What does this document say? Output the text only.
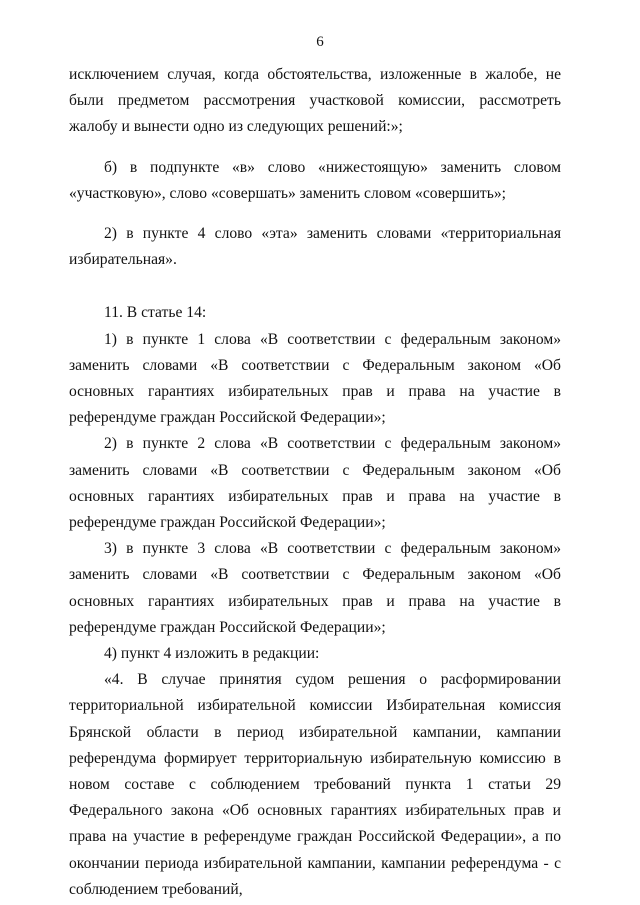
6

исключением случая, когда обстоятельства, изложенные в жалобе, не были предметом рассмотрения участковой комиссии, рассмотреть жалобу и вынести одно из следующих решений:»;

б) в подпункте «в» слово «нижестоящую» заменить словом «участковую», слово «совершать» заменить словом «совершить»;

2) в пункте 4 слово «эта» заменить словами «территориальная избирательная».

11. В статье 14:

1) в пункте 1 слова «В соответствии с федеральным законом» заменить словами «В соответствии с Федеральным законом «Об основных гарантиях избирательных прав и права на участие в референдуме граждан Российской Федерации»;

2) в пункте 2 слова «В соответствии с федеральным законом» заменить словами «В соответствии с Федеральным законом «Об основных гарантиях избирательных прав и права на участие в референдуме граждан Российской Федерации»;

3) в пункте 3 слова «В соответствии с федеральным законом» заменить словами «В соответствии с Федеральным законом «Об основных гарантиях избирательных прав и права на участие в референдуме граждан Российской Федерации»;

4) пункт 4 изложить в редакции:

«4. В случае принятия судом решения о расформировании территориальной избирательной комиссии Избирательная комиссия Брянской области в период избирательной кампании, кампании референдума формирует территориальную избирательную комиссию в новом составе с соблюдением требований пункта 1 статьи 29 Федерального закона «Об основных гарантиях избирательных прав и права на участие в референдуме граждан Российской Федерации», а по окончании периода избирательной кампании, кампании референдума - с соблюдением требований,
